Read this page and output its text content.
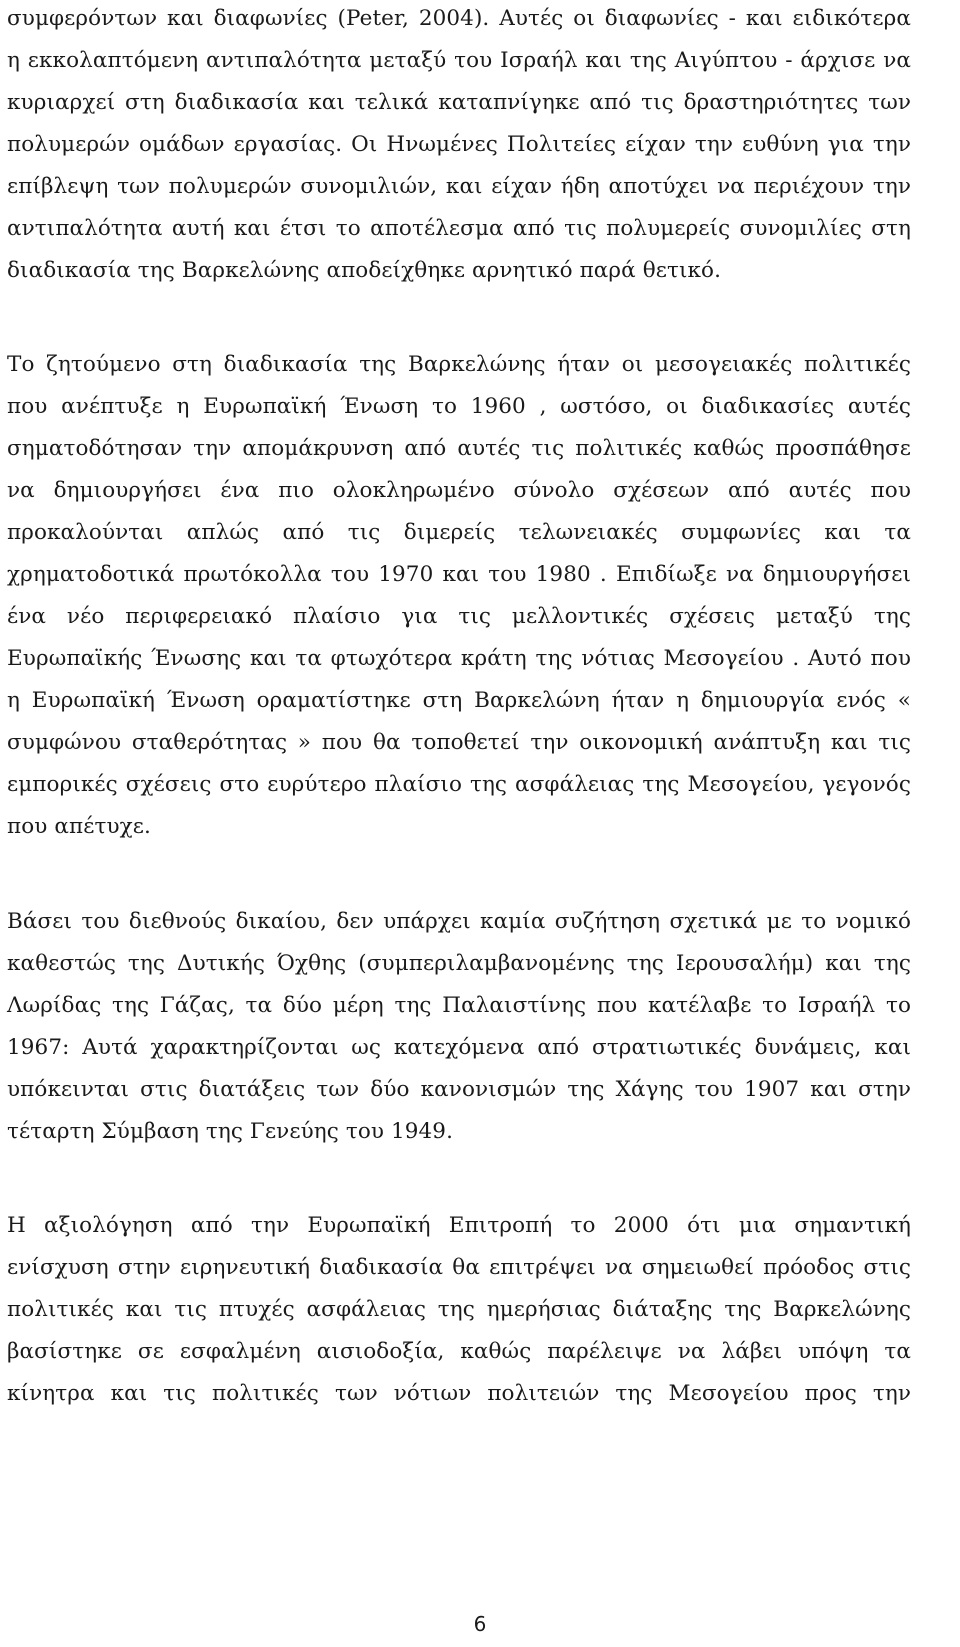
συμφερόντων και διαφωνίες (Peter, 2004). Αυτές οι διαφωνίες - και ειδικότερα
η εκκολαπτόμενη αντιπαλότητα μεταξύ του Ισραήλ και της Αιγύπτου - άρχισε να
κυριαρχεί στη διαδικασία και τελικά καταπνίγηκε από τις δραστηριότητες των
πολυμερών ομάδων εργασίας. Οι Ηνωμένες Πολιτείες είχαν την ευθύνη για την
επίβλεψη των πολυμερών συνομιλιών, και είχαν ήδη αποτύχει να περιέχουν την
αντιπαλότητα αυτή και έτσι το αποτέλεσμα από τις πολυμερείς συνομιλίες στη
διαδικασία της Βαρκελώνης αποδείχθηκε αρνητικό παρά θετικό.
Το ζητούμενο στη διαδικασία της Βαρκελώνης ήταν οι μεσογειακές πολιτικές
που ανέπτυξε η Ευρωπαϊκή Ένωση το 1960 , ωστόσο, οι διαδικασίες αυτές
σηματοδότησαν την απομάκρυνση από αυτές τις πολιτικές καθώς προσπάθησε
να δημιουργήσει ένα πιο ολοκληρωμένο σύνολο σχέσεων από αυτές που
προκαλούνται απλώς από τις διμερείς τελωνειακές συμφωνίες και τα
χρηματοδοτικά πρωτόκολλα του 1970 και του 1980 . Επιδίωξε να δημιουργήσει
ένα νέο περιφερειακό πλαίσιο για τις μελλοντικές σχέσεις μεταξύ της
Ευρωπαϊκής Ένωσης και τα φτωχότερα κράτη της νότιας Μεσογείου . Αυτό που
η Ευρωπαϊκή Ένωση οραματίστηκε στη Βαρκελώνη ήταν η δημιουργία ενός «
συμφώνου σταθερότητας » που θα τοποθετεί την οικονομική ανάπτυξη και τις
εμπορικές σχέσεις στο ευρύτερο πλαίσιο της ασφάλειας της Μεσογείου, γεγονός
που απέτυχε.
Βάσει του διεθνούς δικαίου, δεν υπάρχει καμία συζήτηση σχετικά με το νομικό
καθεστώς της Δυτικής Όχθης (συμπεριλαμβανομένης της Ιερουσαλήμ) και της
Λωρίδας της Γάζας, τα δύο μέρη της Παλαιστίνης που κατέλαβε το Ισραήλ το
1967: Αυτά χαρακτηρίζονται ως κατεχόμενα από στρατιωτικές δυνάμεις, και
υπόκεινται στις διατάξεις των δύο κανονισμών της Χάγης του 1907 και στην
τέταρτη Σύμβαση της Γενεύης του 1949.
Η αξιολόγηση από την Ευρωπαϊκή Επιτροπή το 2000 ότι μια σημαντική
ενίσχυση στην ειρηνευτική διαδικασία θα επιτρέψει να σημειωθεί πρόοδος στις
πολιτικές και τις πτυχές ασφάλειας της ημερήσιας διάταξης της Βαρκελώνης
βασίστηκε σε εσφαλμένη αισιοδοξία, καθώς παρέλειψε να λάβει υπόψη τα
κίνητρα και τις πολιτικές των νότιων πολιτειών της Μεσογείου προς την
6
